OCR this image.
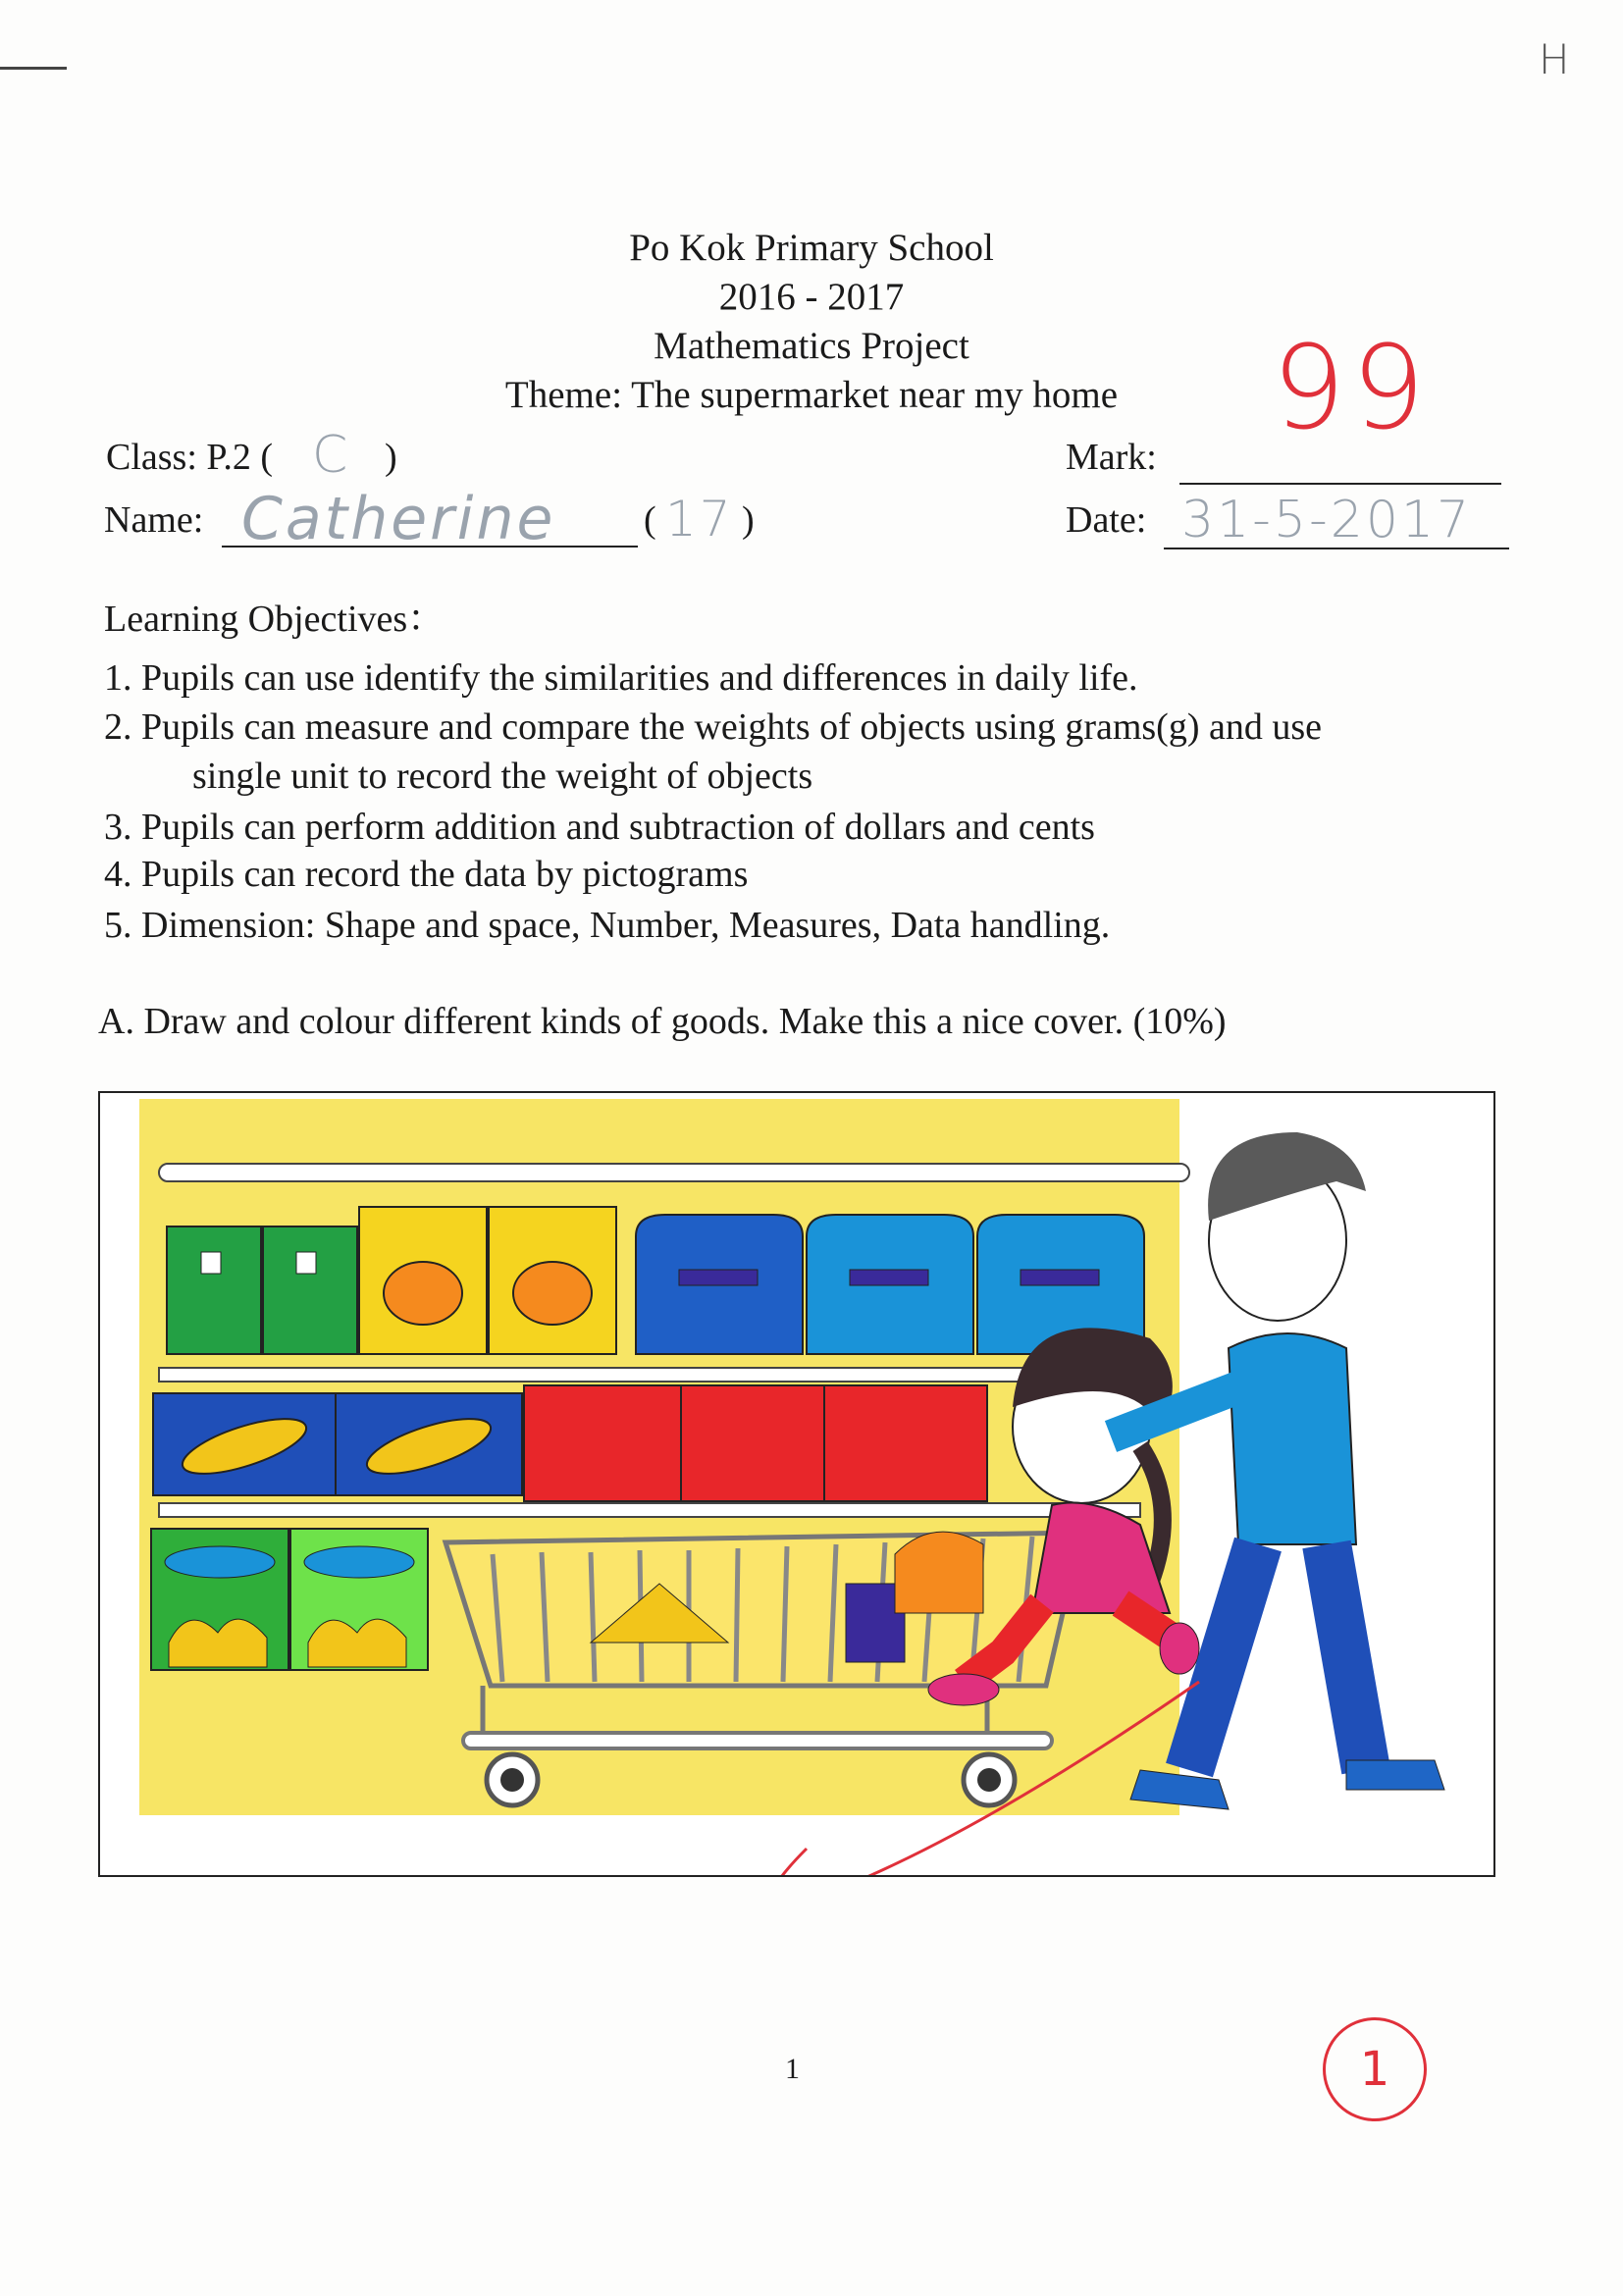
H
Po Kok Primary School
2016 - 2017
Mathematics Project
Theme: The supermarket near my home
Class: P.2 ( C )	Mark:
99
Name: Catherine ( 17 )	Date: 31-5-2017
Learning Objectives：
1. Pupils can use identify the similarities and differences in daily life.
2. Pupils can measure and compare the weights of objects using grams(g) and use
single unit to record the weight of objects
3. Pupils can perform addition and subtraction of dollars and cents
4. Pupils can record the data by pictograms
5. Dimension: Shape and space, Number, Measures, Data handling.
A. Draw and colour different kinds of goods. Make this a nice cover. (10%)
1	1
